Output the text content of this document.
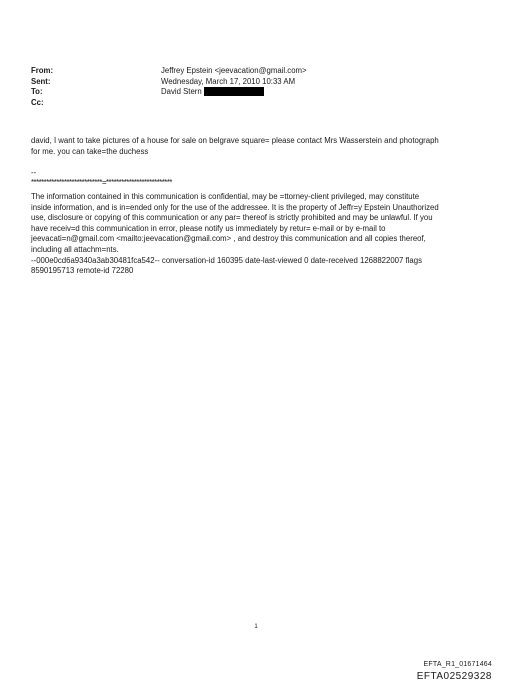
From:	Jeffrey Epstein <jeevacation@gmail.com>
Sent:	Wednesday, March 17, 2010 10:33 AM
To:	David Stern
Cc:
david, I want to take pictures of a house for sale on belgrave square= please contact Mrs Wasserstein and photograph
for me. you can take=the duchess
--
****************************=**************************
The information contained in this communication is confidential, may be =ttorney-client privileged, may constitute
inside information, and is in=ended only for the use of the addressee. It is the property of Jeffr=y Epstein Unauthorized
use, disclosure or copying of this communication or any par= thereof is strictly prohibited and may be unlawful. If you
have receiv=d this communication in error, please notify us immediately by retur= e-mail or by e-mail to
jeevacati=n@gmail.com <mailto:jeevacation@gmail.com> , and destroy this communication and all copies thereof,
including all attachm=nts.
--000e0cd6a9340a3ab30481fca542-- conversation-id 160395 date-last-viewed 0 date-received 1268822007 flags
8590195713 remote-id 72280
1
EFTA_R1_01671464
EFTA02529328
